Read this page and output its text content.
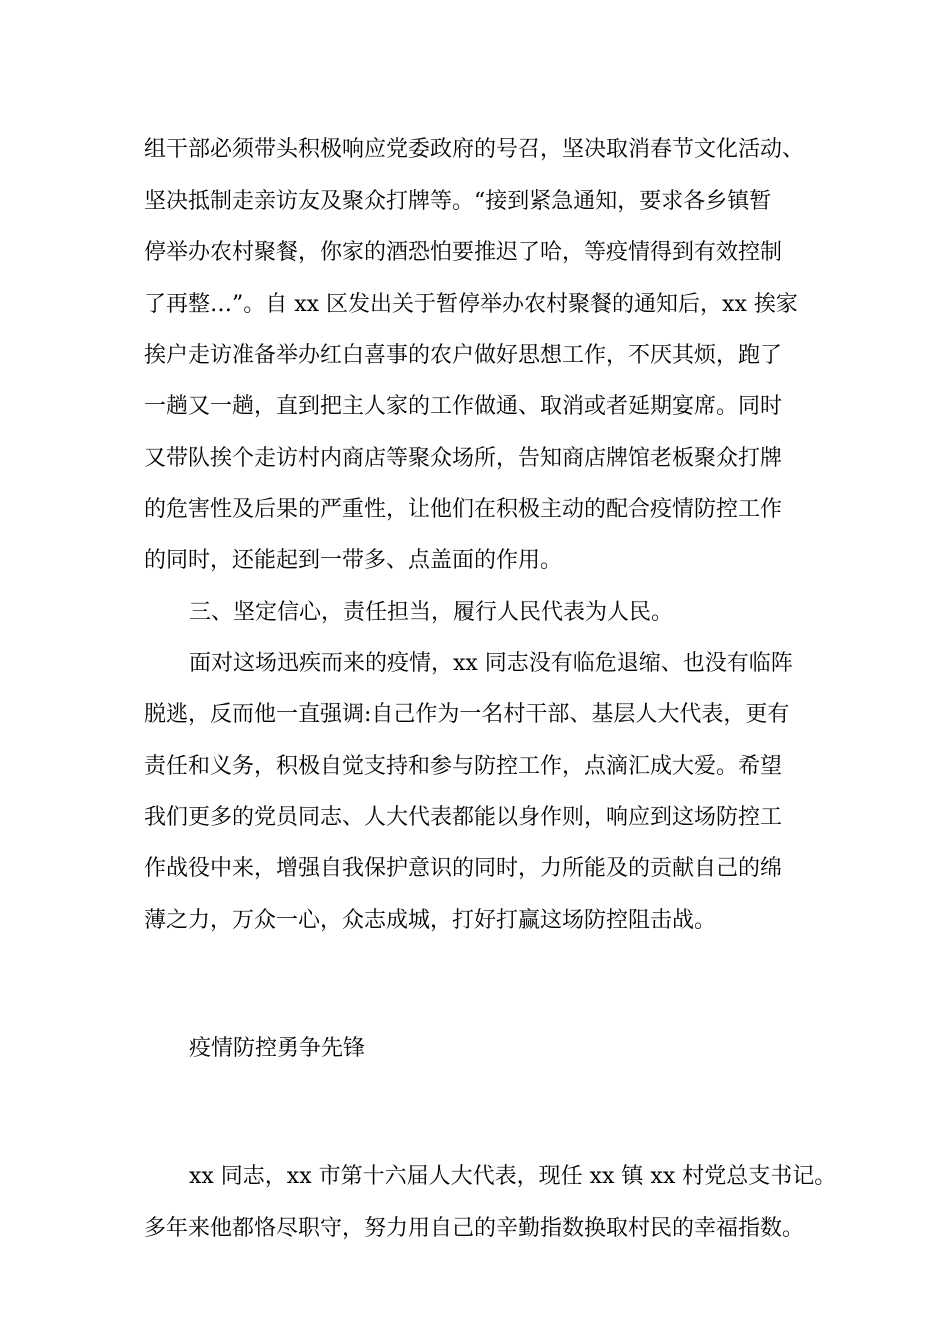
组干部必须带头积极响应党委政府的号召，坚决取消春节文化活动、
坚决抵制走亲访友及聚众打牌等。“接到紧急通知，要求各乡镇暂
停举办农村聚餐，你家的酒恐怕要推迟了哈，等疫情得到有效控制
了再整…”。自 xx 区发出关于暂停举办农村聚餐的通知后，xx 挨家
挨户走访准备举办红白喜事的农户做好思想工作，不厌其烦，跑了
一趟又一趟，直到把主人家的工作做通、取消或者延期宴席。同时
又带队挨个走访村内商店等聚众场所，告知商店牌馆老板聚众打牌
的危害性及后果的严重性，让他们在积极主动的配合疫情防控工作
的同时，还能起到一带多、点盖面的作用。
三、坚定信心，责任担当，履行人民代表为人民。
面对这场迅疾而来的疫情，xx 同志没有临危退缩、也没有临阵
脱逃，反而他一直强调:自己作为一名村干部、基层人大代表，更有
责任和义务，积极自觉支持和参与防控工作，点滴汇成大爱。希望
我们更多的党员同志、人大代表都能以身作则，响应到这场防控工
作战役中来，增强自我保护意识的同时，力所能及的贡献自己的绵
薄之力，万众一心，众志成城，打好打赢这场防控阻击战。
疫情防控勇争先锋
xx 同志，xx 市第十六届人大代表，现任 xx 镇 xx 村党总支书记。
多年来他都恪尽职守，努力用自己的辛勤指数换取村民的幸福指数。
